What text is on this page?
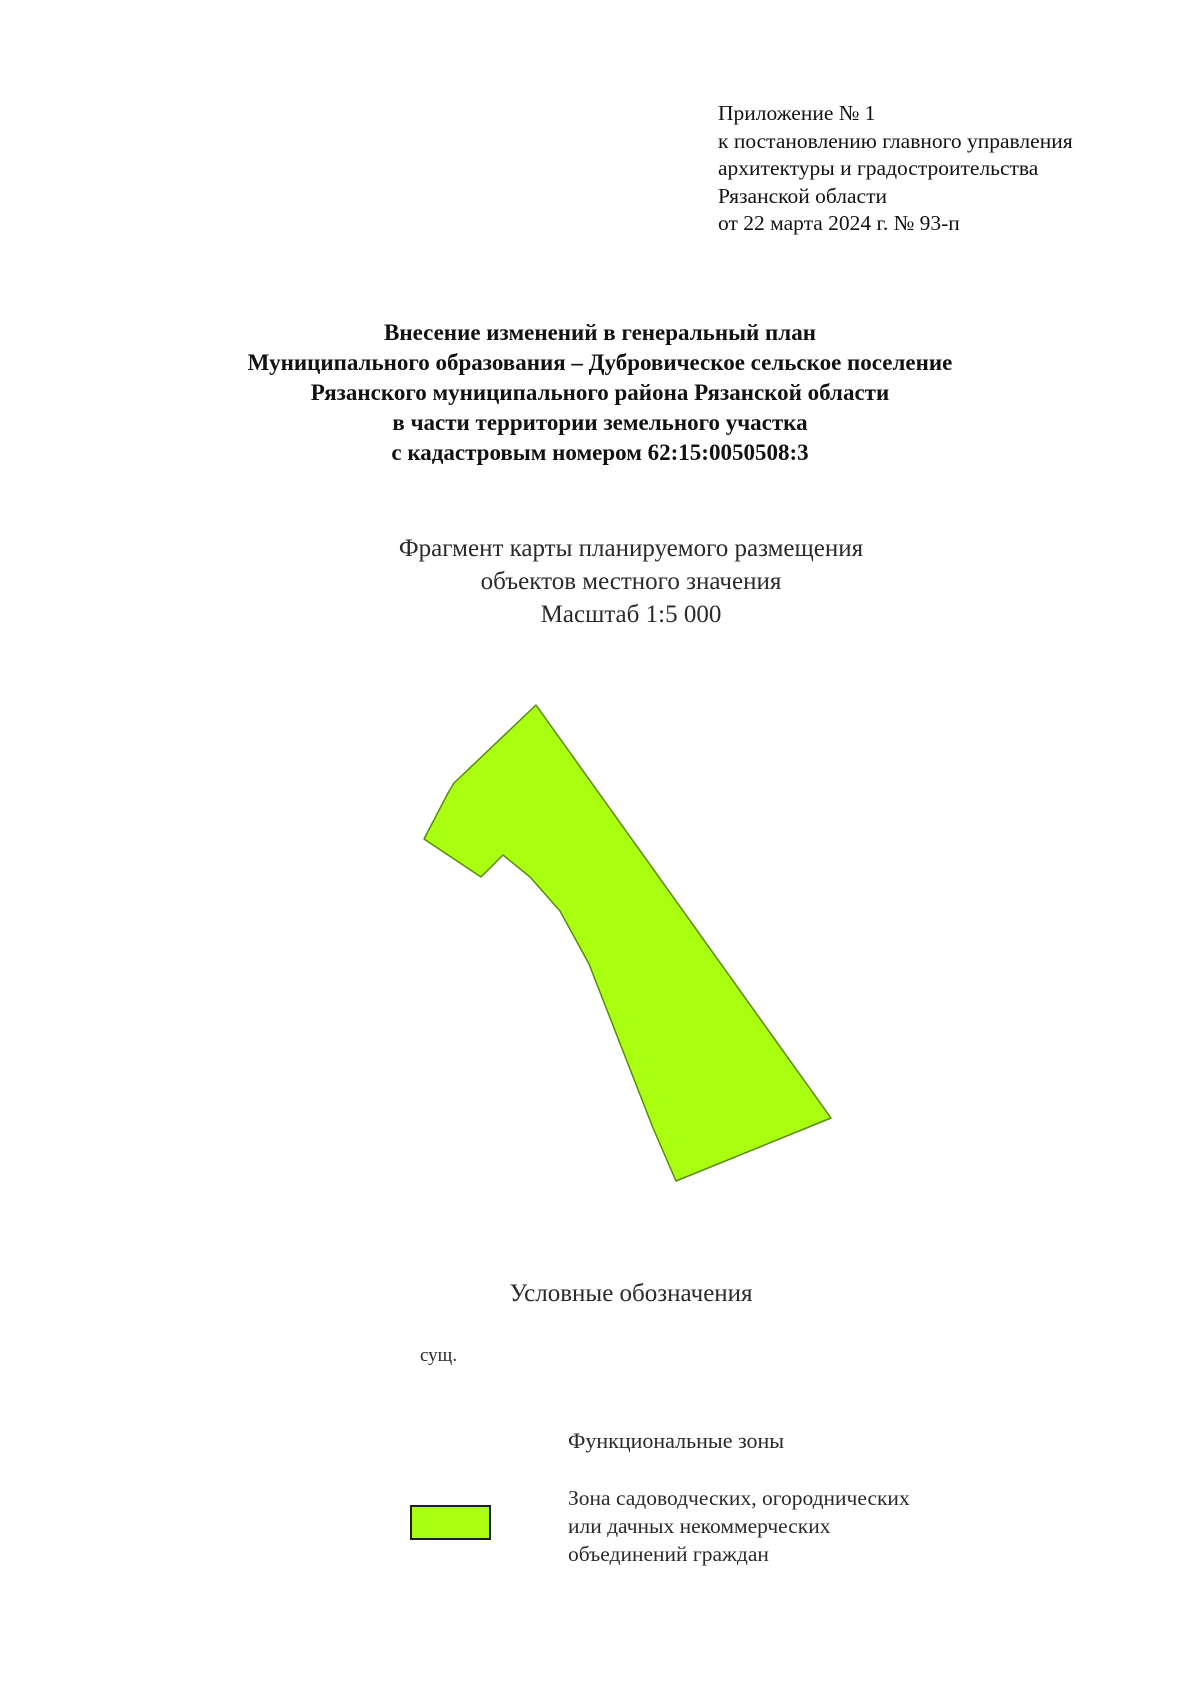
Приложение № 1
к постановлению главного управления
архитектуры и градостроительства
Рязанской области
от 22 марта 2024 г. № 93-п
Внесение изменений в генеральный план
Муниципального образования – Дубровическое сельское поселение
Рязанского муниципального района Рязанской области
в части территории земельного участка
с кадастровым номером 62:15:0050508:3
Фрагмент карты планируемого размещения
объектов местного значения
Масштаб 1:5 000
Условные обозначения
сущ.
Функциональные зоны
Зона садоводческих, огороднических
или дачных некоммерческих
объединений граждан
